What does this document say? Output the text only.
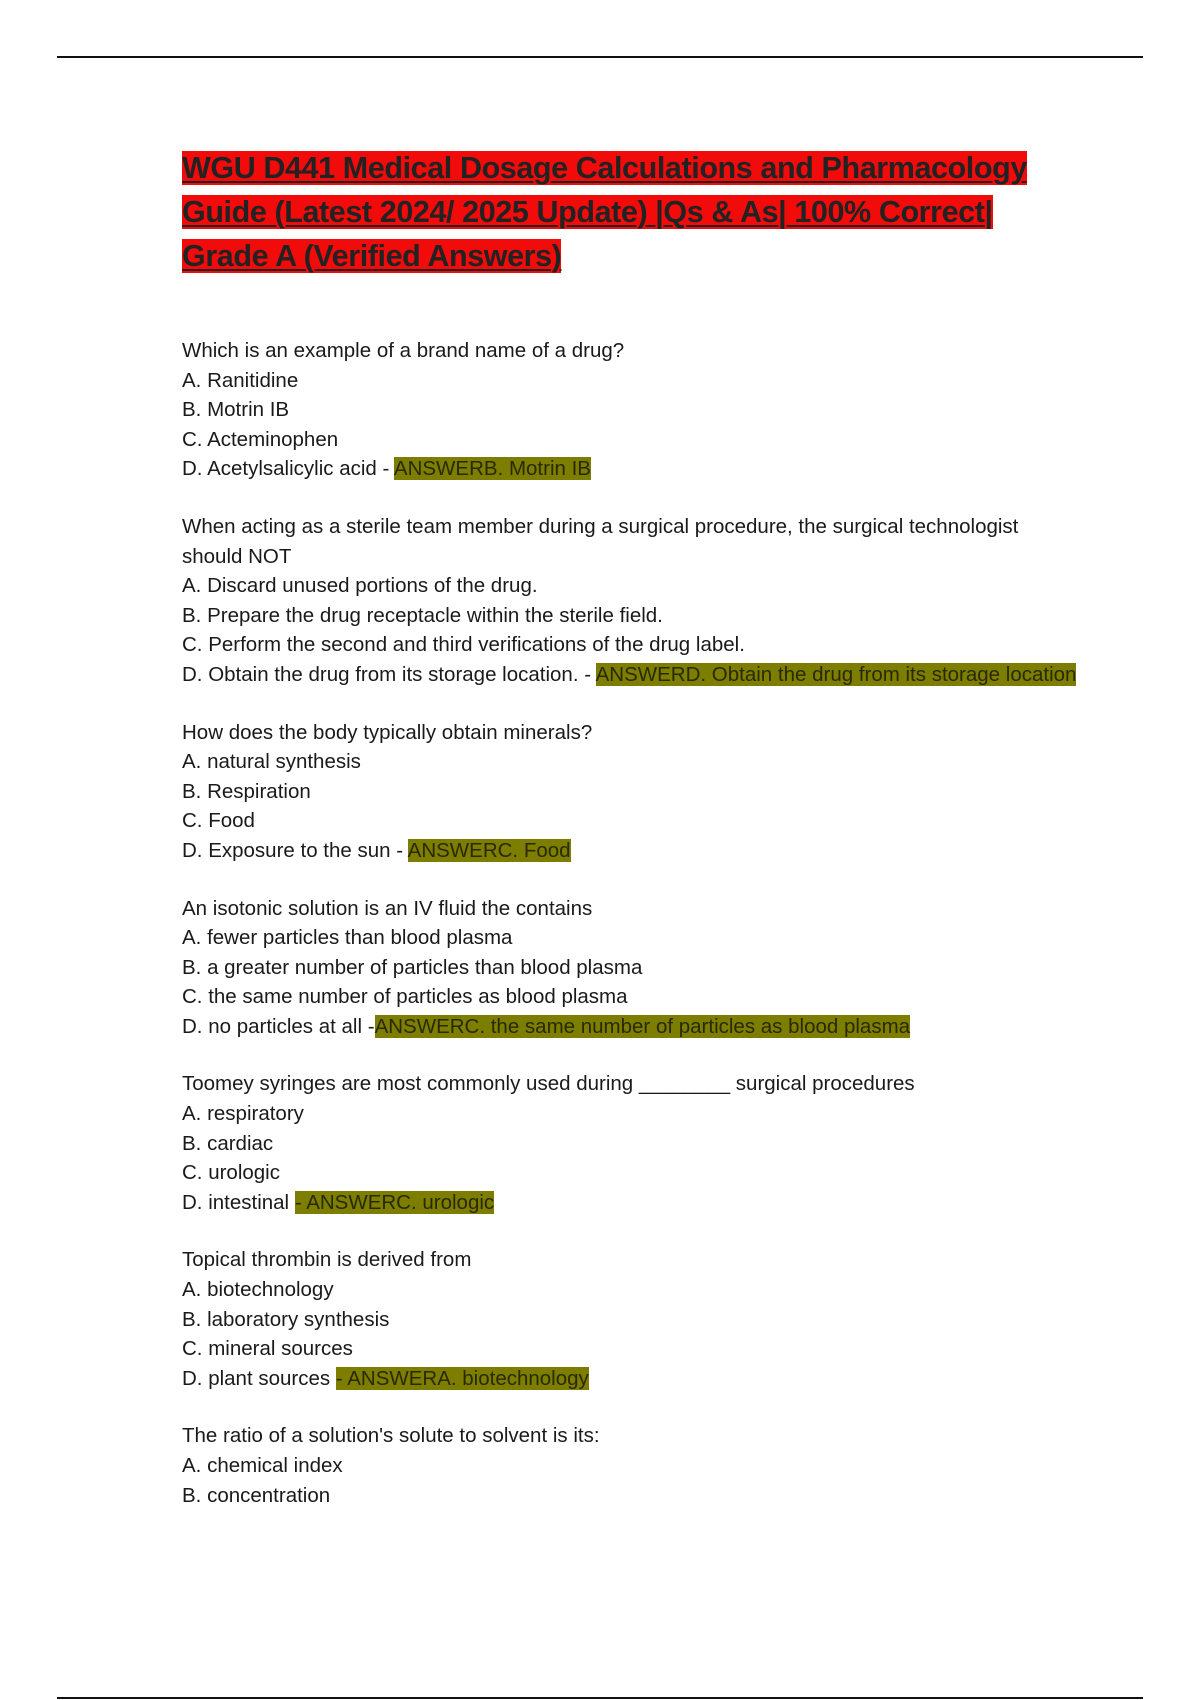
WGU D441 Medical Dosage Calculations and Pharmacology Guide (Latest 2024/ 2025 Update) |Qs & As| 100% Correct| Grade A (Verified Answers)

Which is an example of a brand name of a drug?

A. Ranitidine

B. Motrin IB

C. Acteminophen

D. Acetylsalicylic acid - ANSWERB. Motrin IB

When acting as a sterile team member during a surgical procedure, the surgical technologist should NOT

A. Discard unused portions of the drug.

B. Prepare the drug receptacle within the sterile field.

C. Perform the second and third verifications of the drug label.

D. Obtain the drug from its storage location. - ANSWERD. Obtain the drug from its storage location

How does the body typically obtain minerals?

A. natural synthesis

B. Respiration

C. Food

D. Exposure to the sun - ANSWERC. Food

An isotonic solution is an IV fluid the contains

A. fewer particles than blood plasma

B. a greater number of particles than blood plasma

C. the same number of particles as blood plasma

D. no particles at all -ANSWERC. the same number of particles as blood plasma

Toomey syringes are most commonly used during ________ surgical procedures

A. respiratory

B. cardiac

C. urologic

D. intestinal - ANSWERC. urologic

Topical thrombin is derived from

A. biotechnology

B. laboratory synthesis

C. mineral sources

D. plant sources - ANSWERA. biotechnology

The ratio of a solution's solute to solvent is its:

A. chemical index

B. concentration
